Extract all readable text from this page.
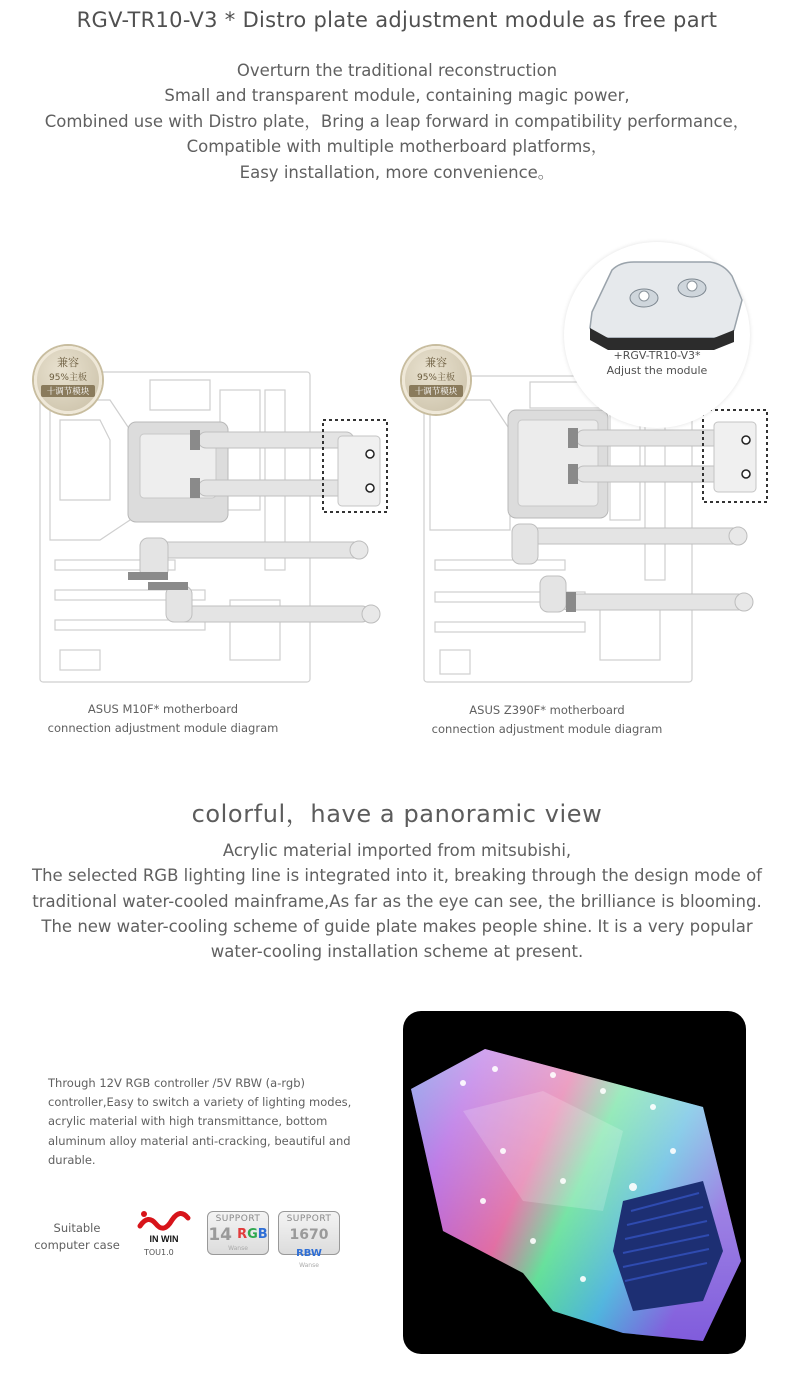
RGV-TR10-V3 * Distro plate adjustment module as free part
Overturn the traditional reconstruction
Small and transparent module, containing magic power,
Combined use with Distro plate，Bring a leap forward in compatibility performance，
Compatible with multiple motherboard platforms，
Easy installation, more convenience。
兼容
95%主板
十调节模块
兼容
95%主板
十调节模块
+RGV-TR10-V3*
Adjust the module
ASUS M10F* motherboard
connection adjustment module diagram
ASUS Z390F* motherboard
connection adjustment module diagram
colorful，have a panoramic view
Acrylic material imported from mitsubishi,
The selected RGB lighting line is integrated into it, breaking through the design mode of
traditional water-cooled mainframe,As far as the eye can see, the brilliance is blooming.
The new water-cooling scheme of guide plate makes people shine. It is a very popular
water-cooling installation scheme at present.
Through 12V RGB controller /5V RBW (a-rgb)
controller,Easy to switch a variety of lighting modes,
acrylic material with high transmittance, bottom
aluminum alloy material anti-cracking, beautiful and
durable.
Suitable
computer case	IN WIN
TOU1.0
SUPPORT
14 RGB
Wanse
SUPPORT
1670 RBW
Wanse
